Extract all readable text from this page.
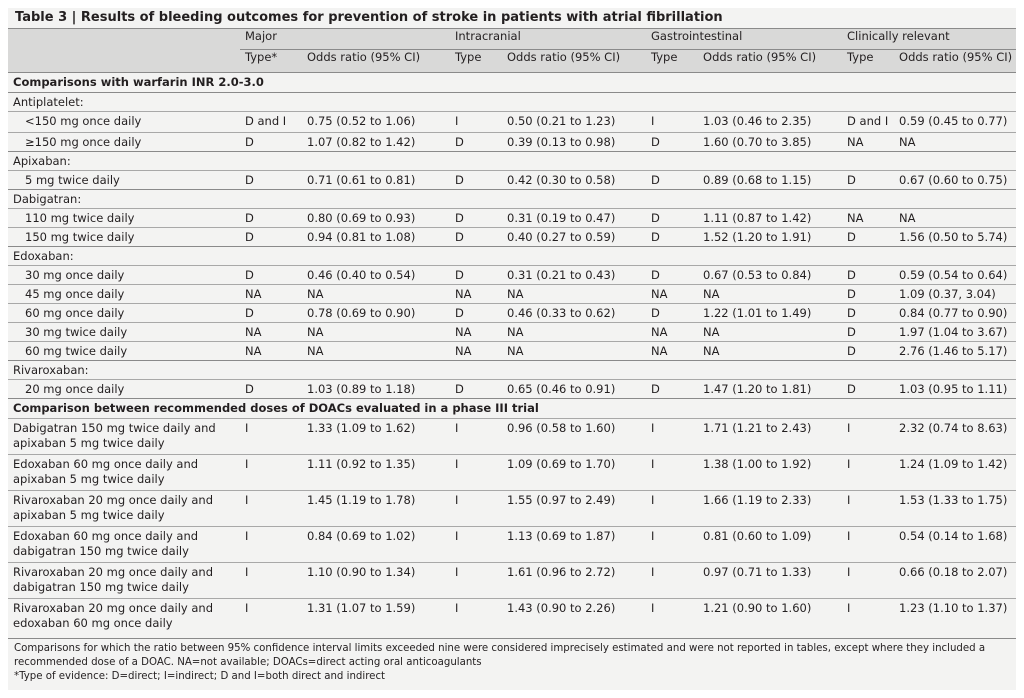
Table 3 | Results of bleeding outcomes for prevention of stroke in patients with atrial fibrillation
	Major		Intracranial		Gastrointestinal		Clinically relevant	
	Type*	Odds ratio (95% CI)	Type	Odds ratio (95% CI)	Type	Odds ratio (95% CI)	Type	Odds ratio (95% CI)
Comparisons with warfarin INR 2.0-3.0								
Antiplatelet:								
<150 mg once daily	D and I	0.75 (0.52 to 1.06)	I	0.50 (0.21 to 1.23)	I	1.03 (0.46 to 2.35)	D and I	0.59 (0.45 to 0.77)
≥150 mg once daily	D	1.07 (0.82 to 1.42)	D	0.39 (0.13 to 0.98)	D	1.60 (0.70 to 3.85)	NA	NA
Apixaban:								
5 mg twice daily	D	0.71 (0.61 to 0.81)	D	0.42 (0.30 to 0.58)	D	0.89 (0.68 to 1.15)	D	0.67 (0.60 to 0.75)
Dabigatran:								
110 mg twice daily	D	0.80 (0.69 to 0.93)	D	0.31 (0.19 to 0.47)	D	1.11 (0.87 to 1.42)	NA	NA
150 mg twice daily	D	0.94 (0.81 to 1.08)	D	0.40 (0.27 to 0.59)	D	1.52 (1.20 to 1.91)	D	1.56 (0.50 to 5.74)
Edoxaban:								
30 mg once daily	D	0.46 (0.40 to 0.54)	D	0.31 (0.21 to 0.43)	D	0.67 (0.53 to 0.84)	D	0.59 (0.54 to 0.64)
45 mg once daily	NA	NA	NA	NA	NA	NA	D	1.09 (0.37, 3.04)
60 mg once daily	D	0.78 (0.69 to 0.90)	D	0.46 (0.33 to 0.62)	D	1.22 (1.01 to 1.49)	D	0.84 (0.77 to 0.90)
30 mg twice daily	NA	NA	NA	NA	NA	NA	D	1.97 (1.04 to 3.67)
60 mg twice daily	NA	NA	NA	NA	NA	NA	D	2.76 (1.46 to 5.17)
Rivaroxaban:								
20 mg once daily	D	1.03 (0.89 to 1.18)	D	0.65 (0.46 to 0.91)	D	1.47 (1.20 to 1.81)	D	1.03 (0.95 to 1.11)
Comparison between recommended doses of DOACs evaluated in a phase III trial								
Dabigatran 150 mg twice daily and apixaban 5 mg twice daily	I	1.33 (1.09 to 1.62)	I	0.96 (0.58 to 1.60)	I	1.71 (1.21 to 2.43)	I	2.32 (0.74 to 8.63)
Edoxaban 60 mg once daily and apixaban 5 mg twice daily	I	1.11 (0.92 to 1.35)	I	1.09 (0.69 to 1.70)	I	1.38 (1.00 to 1.92)	I	1.24 (1.09 to 1.42)
Rivaroxaban 20 mg once daily and apixaban 5 mg twice daily	I	1.45 (1.19 to 1.78)	I	1.55 (0.97 to 2.49)	I	1.66 (1.19 to 2.33)	I	1.53 (1.33 to 1.75)
Edoxaban 60 mg once daily and dabigatran 150 mg twice daily	I	0.84 (0.69 to 1.02)	I	1.13 (0.69 to 1.87)	I	0.81 (0.60 to 1.09)	I	0.54 (0.14 to 1.68)
Rivaroxaban 20 mg once daily and dabigatran 150 mg twice daily	I	1.10 (0.90 to 1.34)	I	1.61 (0.96 to 2.72)	I	0.97 (0.71 to 1.33)	I	0.66 (0.18 to 2.07)
Rivaroxaban 20 mg once daily and edoxaban 60 mg once daily	I	1.31 (1.07 to 1.59)	I	1.43 (0.90 to 2.26)	I	1.21 (0.90 to 1.60)	I	1.23 (1.10 to 1.37)
Comparisons for which the ratio between 95% confidence interval limits exceeded nine were considered imprecisely estimated and were not reported in tables, except where they included a recommended dose of a DOAC. NA=not available; DOACs=direct acting oral anticoagulants
*Type of evidence: D=direct; I=indirect; D and I=both direct and indirect
